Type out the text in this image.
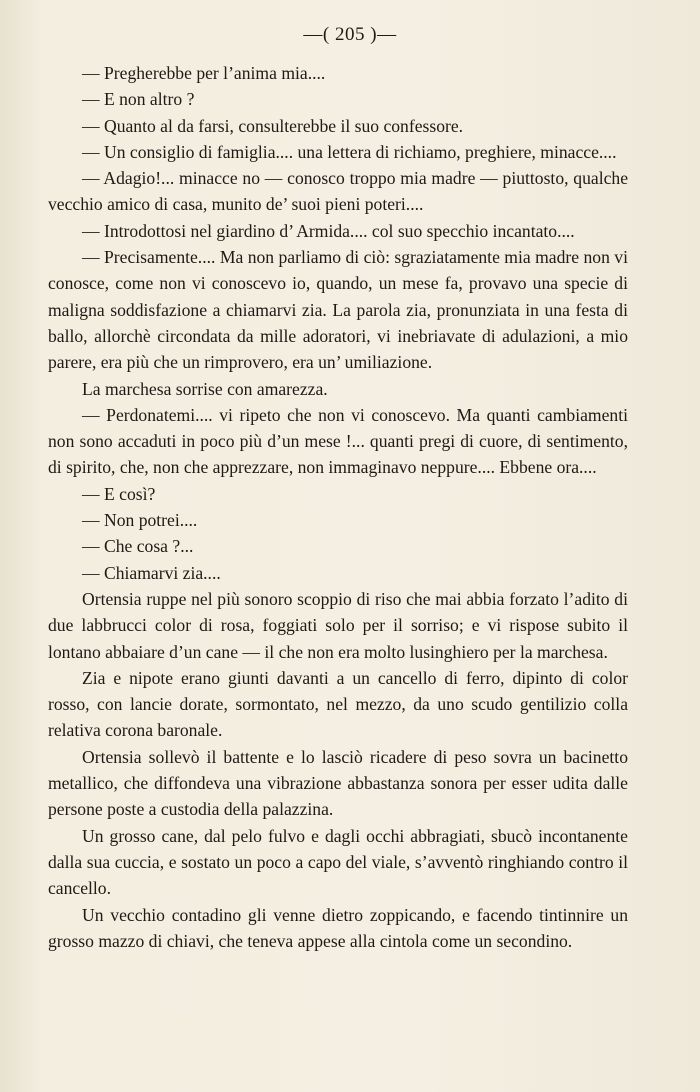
—( 205 )—

— Pregherebbe per l’anima mia....

— E non altro ?

— Quanto al da farsi, consulterebbe il suo confessore.

— Un consiglio di famiglia.... una lettera di richiamo, preghiere, minacce....

— Adagio!... minacce no — conosco troppo mia madre — piuttosto, qualche vecchio amico di casa, munito de’ suoi pieni poteri....

— Introdottosi nel giardino d’ Armida.... col suo specchio incantato....

— Precisamente.... Ma non parliamo di ciò: sgraziatamente mia madre non vi conosce, come non vi conoscevo io, quando, un mese fa, provavo una specie di maligna soddisfazione a chiamarvi zia. La parola zia, pronunziata in una festa di ballo, allorchè circondata da mille adoratori, vi inebriavate di adulazioni, a mio parere, era più che un rimprovero, era un’ umiliazione.

La marchesa sorrise con amarezza.

— Perdonatemi.... vi ripeto che non vi conoscevo. Ma quanti cambiamenti non sono accaduti in poco più d’un mese !... quanti pregi di cuore, di sentimento, di spirito, che, non che apprezzare, non immaginavo neppure.... Ebbene ora....

— E così?

— Non potrei....

— Che cosa ?...

— Chiamarvi zia....

Ortensia ruppe nel più sonoro scoppio di riso che mai abbia forzato l’adito di due labbrucci color di rosa, foggiati solo per il sorriso; e vi rispose subito il lontano abbaiare d’un cane — il che non era molto lusinghiero per la marchesa.

Zia e nipote erano giunti davanti a un cancello di ferro, dipinto di color rosso, con lancie dorate, sormontato, nel mezzo, da uno scudo gentilizio colla relativa corona baronale.

Ortensia sollevò il battente e lo lasciò ricadere di peso sovra un bacinetto metallico, che diffondeva una vibrazione abbastanza sonora per esser udita dalle persone poste a custodia della palazzina.

Un grosso cane, dal pelo fulvo e dagli occhi abbragiati, sbucò incontanente dalla sua cuccia, e sostato un poco a capo del viale, s’avventò ringhiando contro il cancello.

Un vecchio contadino gli venne dietro zoppicando, e facendo tintinnire un grosso mazzo di chiavi, che teneva appese alla cintola come un secondino.
